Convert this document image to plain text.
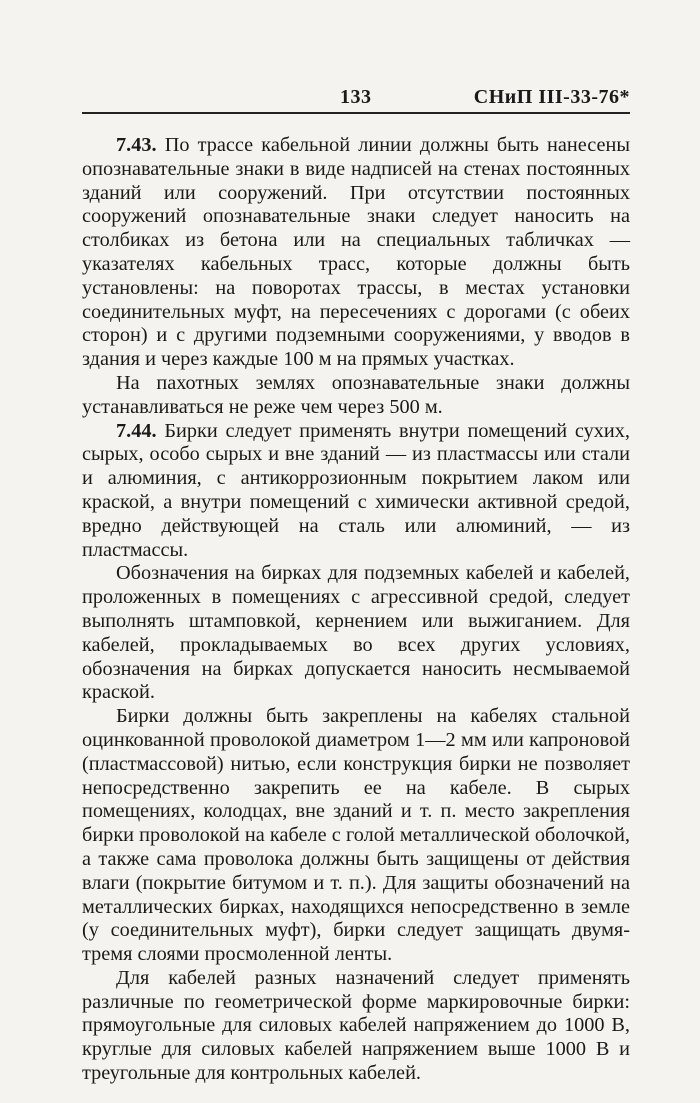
133	СНиП III-33-76*

7.43. По трассе кабельной линии должны быть нанесены опознавательные знаки в виде надписей на стенах постоянных зданий или сооружений. При отсутствии постоянных сооружений опознавательные знаки следует наносить на столбиках из бетона или на специальных табличках — указателях кабельных трасс, которые должны быть установлены: на поворотах трассы, в местах установки соединительных муфт, на пересечениях с дорогами (с обеих сторон) и с другими подземными сооружениями, у вводов в здания и через каждые 100 м на прямых участках.

На пахотных землях опознавательные знаки должны устанавливаться не реже чем через 500 м.

7.44. Бирки следует применять внутри помещений сухих, сырых, особо сырых и вне зданий — из пластмассы или стали и алюминия, с антикоррозионным покрытием лаком или краской, а внутри помещений с химически активной средой, вредно действующей на сталь или алюминий, — из пластмассы.

Обозначения на бирках для подземных кабелей и кабелей, проложенных в помещениях с агрессивной средой, следует выполнять штамповкой, кернением или выжиганием. Для кабелей, прокладываемых во всех других условиях, обозначения на бирках допускается наносить несмываемой краской.

Бирки должны быть закреплены на кабелях стальной оцинкованной проволокой диаметром 1—2 мм или капроновой (пластмассовой) нитью, если конструкция бирки не позволяет непосредственно закрепить ее на кабеле. В сырых помещениях, колодцах, вне зданий и т. п. место закрепления бирки проволокой на кабеле с голой металлической оболочкой, а также сама проволока должны быть защищены от действия влаги (покрытие битумом и т. п.). Для защиты обозначений на металлических бирках, находящихся непосредственно в земле (у соединительных муфт), бирки следует защищать двумя-тремя слоями просмоленной ленты.

Для кабелей разных назначений следует применять различные по геометрической форме маркировочные бирки: прямоугольные для силовых кабелей напряжением до 1000 В, круглые для силовых кабелей напряжением выше 1000 В и треугольные для контрольных кабелей.
